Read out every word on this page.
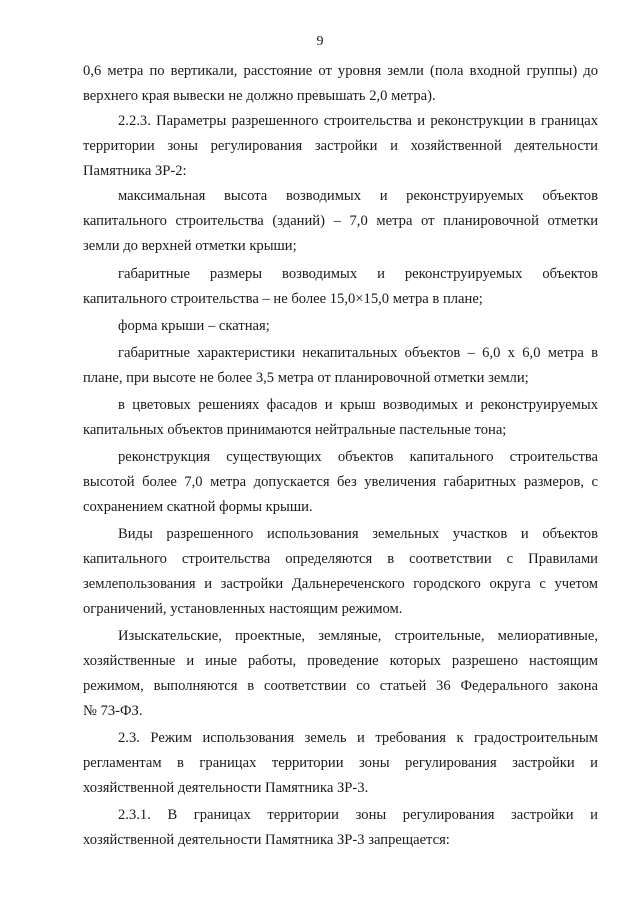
9
0,6 метра по вертикали, расстояние от уровня земли (пола входной группы) до
верхнего края вывески не должно превышать 2,0 метра).
2.2.3. Параметры разрешенного строительства и реконструкции в границах
территории зоны регулирования застройки и хозяйственной деятельности
Памятника ЗР-2:
максимальная высота возводимых и реконструируемых объектов
капитального строительства (зданий) – 7,0 метра от планировочной отметки
земли до верхней отметки крыши;
габаритные размеры возводимых и реконструируемых объектов
капитального строительства – не более 15,0×15,0 метра в плане;
форма крыши – скатная;
габаритные характеристики некапитальных объектов – 6,0 х 6,0 метра в
плане, при высоте не более 3,5 метра от планировочной отметки земли;
в цветовых решениях фасадов и крыш возводимых и реконструируемых
капитальных объектов принимаются нейтральные пастельные тона;
реконструкция существующих объектов капитального строительства
высотой более 7,0 метра допускается без увеличения габаритных размеров, с
сохранением скатной формы крыши.
Виды разрешенного использования земельных участков и объектов
капитального строительства определяются в соответствии с Правилами
землепользования и застройки Дальнереченского городского округа с учетом
ограничений, установленных настоящим режимом.
Изыскательские, проектные, земляные, строительные, мелиоративные,
хозяйственные и иные работы, проведение которых разрешено настоящим
режимом, выполняются в соответствии со статьей 36 Федерального закона
№ 73-ФЗ.
2.3. Режим использования земель и требования к градостроительным
регламентам в границах территории зоны регулирования застройки и
хозяйственной деятельности Памятника ЗР-3.
2.3.1. В границах территории зоны регулирования застройки и
хозяйственной деятельности Памятника ЗР-3 запрещается:
